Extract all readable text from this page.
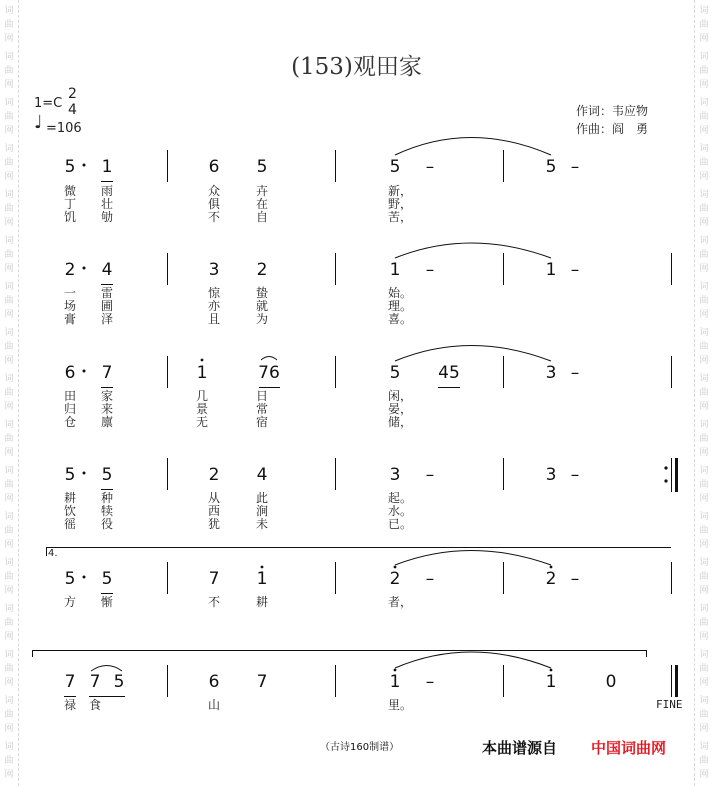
词
曲
网
词
曲
网
词
曲
网
词
曲
网
词
曲
网
词
曲
网
词
曲
网
词
曲
网
词
曲
网
词
曲
网
词
曲
网
词
曲
网
词
曲
网
词
曲
网
词
曲
网
词
曲
网
词
曲
网
词
曲
网
词
曲
网
词
曲
网
词
曲
网
词
曲
网
词
曲
网
词
曲
网
词
曲
网
词
曲
网
词
曲
网
词
曲
网
词
曲
网
词
曲
网
词
曲
网
词
曲
网
词
曲
网
词
曲
网
(153)观田家
1=C
2
4
♩ =106
作词：韦应物
作曲：阎　勇
5 1	6 5	5 –	5 –
微 雨	众	卉	新，
丁 壮	俱	在	野，
饥 劬	不	自	苦，
2 4	3 2	1 –	1 –
一 雷	惊	蛰	始。
场 圃	亦	就	理。
膏 泽	且	为	喜。
6 7	1	76	5 45	3 –
田 家	几	日	闲，
归 来	景	常	晏，
仓 廪	无	宿	储，
5 5	2 4	3 –	3 –
耕 种	从	此	起。
饮 犊	西	涧	水。
徭 役	犹	未	已。
4.
5 5	7 1	2 –	2 –
方 惭	不	耕	者，
7 7 5	6 7	1 –	1	0
禄 食	山	里。	FINE
（古诗160制谱）	本曲谱源自 中国词曲网
